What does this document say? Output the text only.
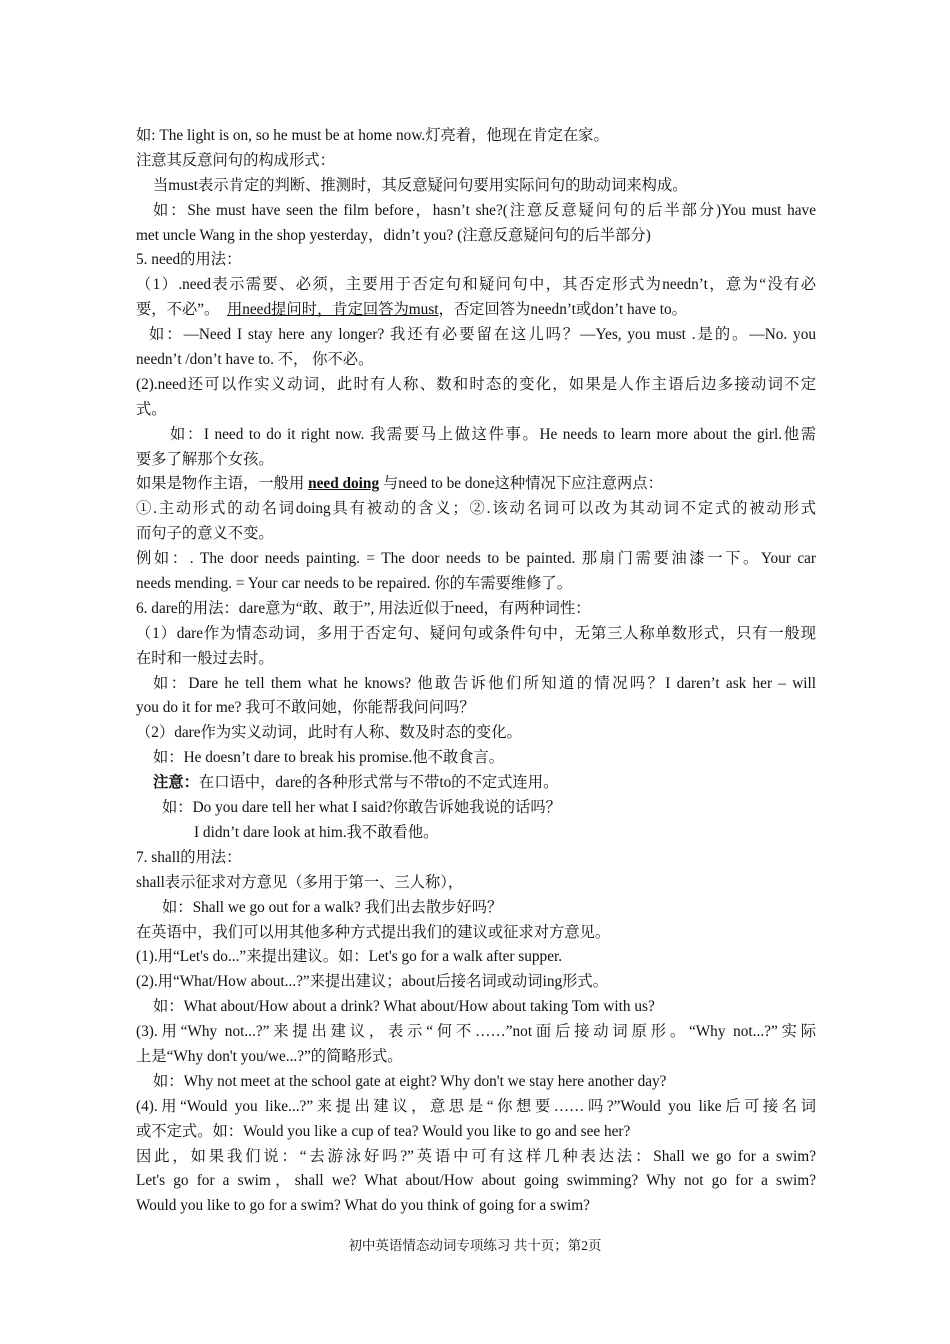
如: The light is on, so he must be at home now.灯亮着，他现在肯定在家。
注意其反意问句的构成形式：
当must表示肯定的判断、推测时，其反意疑问句要用实际问句的助动词来构成。
如：She must have seen the film before，hasn’t she?(注意反意疑问句的后半部分)You must have
met uncle Wang in the shop yesterday，didn’t you? (注意反意疑问句的后半部分)
5. need的用法：
（1）.need表示需要、必须，主要用于否定句和疑问句中，其否定形式为needn’t，意为“没有必
要，不必”。 用need提问时，肯定回答为must，否定回答为needn’t或don’t have to。
如：—Need I stay here any longer? 我还有必要留在这儿吗？—Yes, you must .是的。—No. you
needn’t /don’t have to. 不， 你不必。
(2).need还可以作实义动词，此时有人称、数和时态的变化，如果是人作主语后边多接动词不定
式。
如：I need to do it right now. 我需要马上做这件事。He needs to learn more about the girl.他需
要多了解那个女孩。
如果是物作主语，一般用 need doing 与need to be done这种情况下应注意两点：
①.主动形式的动名词doing具有被动的含义；②.该动名词可以改为其动词不定式的被动形式
而句子的意义不变。
例如：. The door needs painting. = The door needs to be painted. 那扇门需要油漆一下。Your car
needs mending. = Your car needs to be repaired. 你的车需要维修了。
6. dare的用法：dare意为“敢、敢于”, 用法近似于need，有两种词性：
（1）dare作为情态动词，多用于否定句、疑问句或条件句中，无第三人称单数形式，只有一般现
在时和一般过去时。
如：Dare he tell them what he knows? 他敢告诉他们所知道的情况吗？I daren’t ask her – will
you do it for me? 我可不敢问她，你能帮我问问吗？
（2）dare作为实义动词，此时有人称、数及时态的变化。
如：He doesn’t dare to break his promise.他不敢食言。
注意：在口语中，dare的各种形式常与不带to的不定式连用。
如：Do you dare tell her what I said?你敢告诉她我说的话吗？
I didn’t dare look at him.我不敢看他。
7. shall的用法：
shall表示征求对方意见（多用于第一、三人称），
如：Shall we go out for a walk? 我们出去散步好吗？
在英语中，我们可以用其他多种方式提出我们的建议或征求对方意见。
(1).用“Let's do...”来提出建议。如：Let's go for a walk after supper.
(2).用“What/How about...?”来提出建议；about后接名词或动词ing形式。
如：What about/How about a drink? What about/How about taking Tom with us?
(3).用“Why not...?”来提出建议，表示“何不……”not面后接动词原形。“Why not...?”实际
上是“Why don't you/we...?”的简略形式。
如：Why not meet at the school gate at eight? Why don't we stay here another day?
(4).用“Would you like...?”来提出建议，意思是“你想要……吗?”Would you like后可接名词
或不定式。如：Would you like a cup of tea? Would you like to go and see her?
因此，如果我们说：“去游泳好吗?”英语中可有这样几种表达法：Shall we go for a swim?
Let's go for a swim，shall we? What about/How about going swimming? Why not go for a swim?
Would you like to go for a swim? What do you think of going for a swim?
初中英语情态动词专项练习 共十页；第2页
